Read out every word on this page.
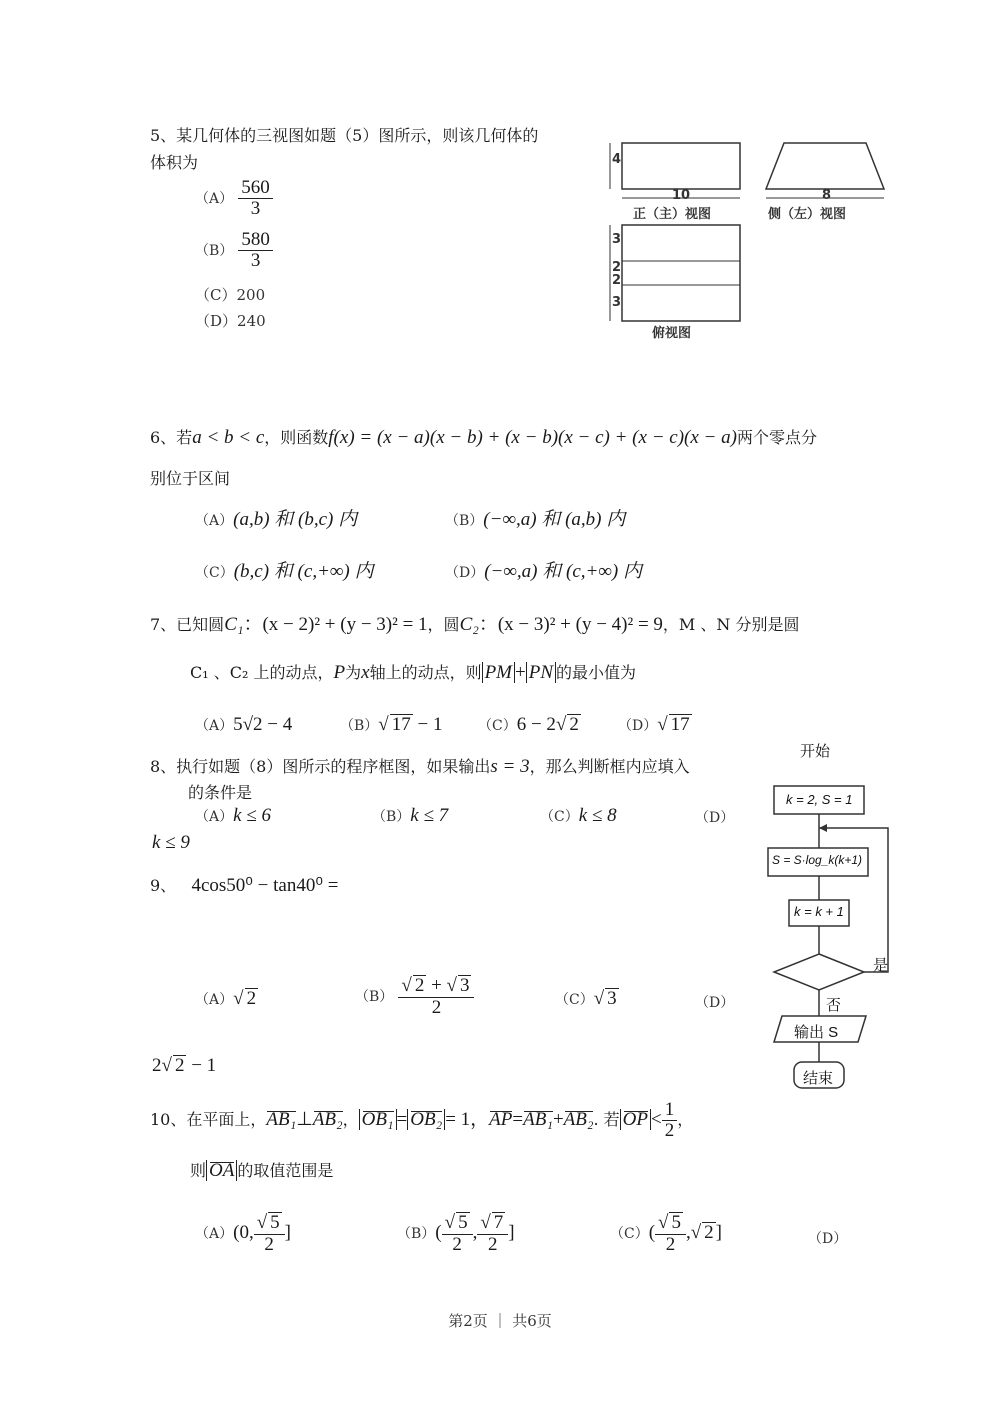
5、某几何体的三视图如题（5）图所示，则该几何体的
体积为
$(A) \frac{560}{3}$
$(B) \frac{580}{3}$
（C）200
（D）240
4
10
正（主）视图
8
侧（左）视图
3
2
2
3
俯视图
6、若a < b < c，则函数f(x) = (x − a)(x − b) + (x − b)(x − c) + (x − c)(x − a)两个零点分
别位于区间
（A）(a,b) 和 (b,c) 内	（B）(−∞,a) 和 (a,b) 内
（C）(b,c) 和 (c,+∞) 内	（D）(−∞,a) 和 (c,+∞) 内
7、已知圆C₁：(x − 2)² + (y − 3)² = 1，圆C₂：(x − 3)² + (y − 4)² = 9，M 、N 分别是圆
C₁ 、C₂ 上的动点，P为x轴上的动点，则 PM + PN 的最小值为
（A）5√2 − 4	（B）√ 17 − 1	（C）6 − 2√ 2	（D）√ 17
8、执行如题（8）图所示的程序框图，如果输出s = 3，那么判断框内应填入
的条件是
（A）k ≤ 6	（B）k ≤ 7	（C）k ≤ 8	（D）
k ≤ 9
开始
k = 2, S = 1
S = S·log_k(k+1)
k = k + 1
是
否
输出 S
结束
9、 4cos50⁰ − tan40⁰ =
（A）√ 2	$(B) \frac{√ 2 + √ 3}{2}$	（C）√ 3	（D）
2√ 2 − 1
10、在平面上，AB₁⊥AB₂， OB₁ = OB₂ = 1，AP=AB₁+AB₂. 若 OP < $\frac{1}{2}$ ，
则 OA 的取值范围是
（A）(0, $\frac{√ 5}{2}$ ]	$(B)( \frac{√ 5}{2}$ , $\frac{√ 7}{2}$ ]	$(C)( \frac{√ 5}{2}$ ,√ 2 ]	（D）
第2页 ｜ 共6页
